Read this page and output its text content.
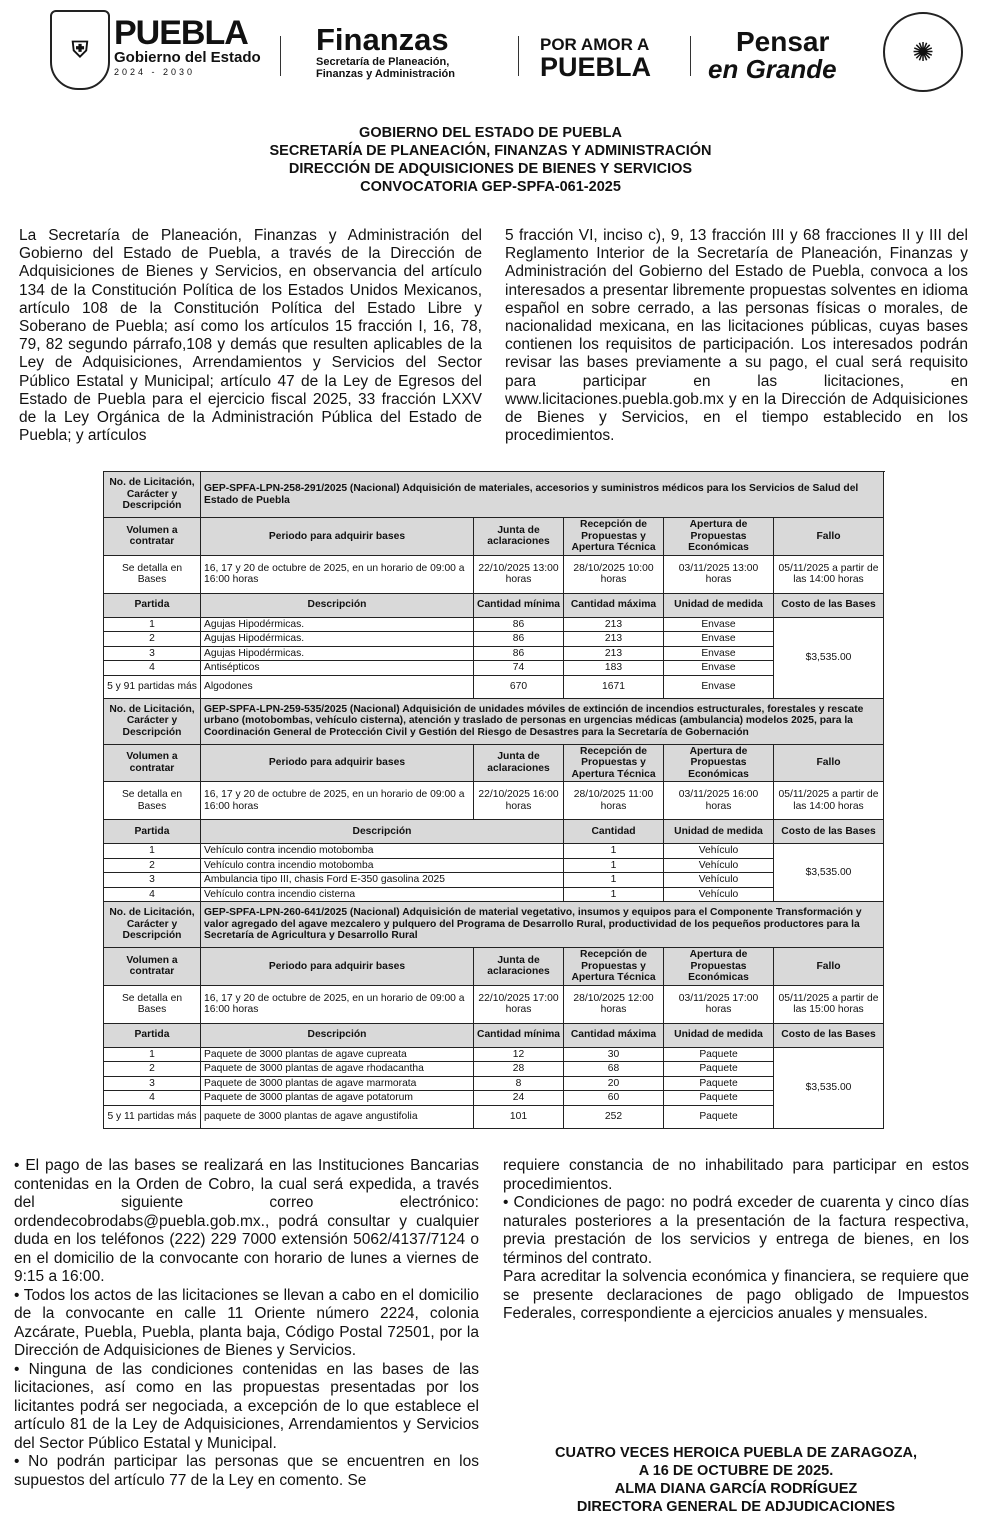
⛨ PUEBLA
Gobierno del Estado
2024 - 2030
Finanzas
Secretaría de Planeación,
Finanzas y Administración
POR AMOR A
PUEBLA
Pensar
en Grande
✺
GOBIERNO DEL ESTADO DE PUEBLA
SECRETARÍA DE PLANEACIÓN, FINANZAS Y ADMINISTRACIÓN
DIRECCIÓN DE ADQUISICIONES DE BIENES Y SERVICIOS
CONVOCATORIA GEP-SPFA-061-2025

La Secretaría de Planeación, Finanzas y Administración del Gobierno del Estado de Puebla, a través de la Dirección de Adquisiciones de Bienes y Servicios, en observancia del artículo 134 de la Constitución Política de los Estados Unidos Mexicanos, artículo 108 de la Constitución Política del Estado Libre y Soberano de Puebla; así como los artículos 15 fracción I, 16, 78, 79, 82 segundo párrafo,108 y demás que resulten aplicables de la Ley de Adquisiciones, Arrendamientos y Servicios del Sector Público Estatal y Municipal; artículo 47 de la Ley de Egresos del Estado de Puebla para el ejercicio fiscal 2025, 33 fracción LXXV de la Ley Orgánica de la Administración Pública del Estado de Puebla; y artículos

5 fracción VI, inciso c), 9, 13 fracción III y 68 fracciones II y III del Reglamento Interior de la Secretaría de Planeación, Finanzas y Administración del Gobierno del Estado de Puebla, convoca a los interesados a presentar libremente propuestas solventes en idioma español en sobre cerrado, a las personas físicas o morales, de nacionalidad mexicana, en las licitaciones públicas, cuyas bases contienen los requisitos de participación. Los interesados podrán revisar las bases previamente a su pago, el cual será requisito para participar en las licitaciones, en www.licitaciones.puebla.gob.mx y en la Dirección de Adquisiciones de Bienes y Servicios, en el tiempo establecido en los procedimientos.

No. de Licitación, Carácter y Descripción	GEP-SPFA-LPN-258-291/2025 (Nacional) Adquisición de materiales, accesorios y suministros médicos para los Servicios de Salud del Estado de Puebla				
Volumen a contratar	Periodo para adquirir bases	Junta de aclaraciones	Recepción de Propuestas y Apertura Técnica	Apertura de Propuestas Económicas	Fallo
Se detalla en Bases	16, 17 y 20 de octubre de 2025, en un horario de 09:00 a 16:00 horas	22/10/2025 13:00 horas	28/10/2025 10:00 horas	03/11/2025 13:00 horas	05/11/2025 a partir de las 14:00 horas
Partida	Descripción	Cantidad mínima	Cantidad máxima	Unidad de medida	Costo de las Bases
1	Agujas Hipodérmicas.	86	213	Envase	$3,535.00
2	Agujas Hipodérmicas.	86	213	Envase	
3	Agujas Hipodérmicas.	86	213	Envase	
4	Antisépticos	74	183	Envase	
5 y 91 partidas más	Algodones	670	1671	Envase	
No. de Licitación, Carácter y Descripción	GEP-SPFA-LPN-259-535/2025 (Nacional) Adquisición de unidades móviles de extinción de incendios estructurales, forestales y rescate urbano (motobombas, vehículo cisterna), atención y traslado de personas en urgencias médicas (ambulancia) modelos 2025, para la Coordinación General de Protección Civil y Gestión del Riesgo de Desastres para la Secretaría de Gobernación				
Volumen a contratar	Periodo para adquirir bases	Junta de aclaraciones	Recepción de Propuestas y Apertura Técnica	Apertura de Propuestas Económicas	Fallo
Se detalla en Bases	16, 17 y 20 de octubre de 2025, en un horario de 09:00 a 16:00 horas	22/10/2025 16:00 horas	28/10/2025 11:00 horas	03/11/2025 16:00 horas	05/11/2025 a partir de las 14:00 horas
Partida	Descripción		Cantidad	Unidad de medida	Costo de las Bases
1	Vehículo contra incendio motobomba		1	Vehículo	$3,535.00
2	Vehículo contra incendio motobomba		1	Vehículo	
3	Ambulancia tipo III, chasis Ford E-350 gasolina 2025		1	Vehículo	
4	Vehículo contra incendio cisterna		1	Vehículo	
No. de Licitación, Carácter y Descripción	GEP-SPFA-LPN-260-641/2025 (Nacional) Adquisición de material vegetativo, insumos y equipos para el Componente Transformación y valor agregado del agave mezcalero y pulquero del Programa de Desarrollo Rural, productividad de los pequeños productores para la Secretaría de Agricultura y Desarrollo Rural				
Volumen a contratar	Periodo para adquirir bases	Junta de aclaraciones	Recepción de Propuestas y Apertura Técnica	Apertura de Propuestas Económicas	Fallo
Se detalla en Bases	16, 17 y 20 de octubre de 2025, en un horario de 09:00 a 16:00 horas	22/10/2025 17:00 horas	28/10/2025 12:00 horas	03/11/2025 17:00 horas	05/11/2025 a partir de las 15:00 horas
Partida	Descripción	Cantidad mínima	Cantidad máxima	Unidad de medida	Costo de las Bases
1	Paquete de 3000 plantas de agave cupreata	12	30	Paquete	$3,535.00
2	Paquete de 3000 plantas de agave rhodacantha	28	68	Paquete	
3	Paquete de 3000 plantas de agave marmorata	8	20	Paquete	
4	Paquete de 3000 plantas de agave potatorum	24	60	Paquete	
5 y 11 partidas más	paquete de 3000 plantas de agave angustifolia	101	252	Paquete	

• El pago de las bases se realizará en las Instituciones Bancarias contenidas en la Orden de Cobro, la cual será expedida, a través del siguiente correo electrónico: ordendecobrodabs@puebla.gob.mx., podrá consultar y cualquier duda en los teléfonos (222) 229 7000 extensión 5062/4137/7124 o en el domicilio de la convocante con horario de lunes a viernes de 9:15 a 16:00.

• Todos los actos de las licitaciones se llevan a cabo en el domicilio de la convocante en calle 11 Oriente número 2224, colonia Azcárate, Puebla, Puebla, planta baja, Código Postal 72501, por la Dirección de Adquisiciones de Bienes y Servicios.

• Ninguna de las condiciones contenidas en las bases de las licitaciones, así como en las propuestas presentadas por los licitantes podrá ser negociada, a excepción de lo que establece el artículo 81 de la Ley de Adquisiciones, Arrendamientos y Servicios del Sector Público Estatal y Municipal.

• No podrán participar las personas que se encuentren en los supuestos del artículo 77 de la Ley en comento. Se

requiere constancia de no inhabilitado para participar en estos procedimientos.

• Condiciones de pago: no podrá exceder de cuarenta y cinco días naturales posteriores a la presentación de la factura respectiva, previa prestación de los servicios y entrega de bienes, en los términos del contrato.

Para acreditar la solvencia económica y financiera, se requiere que se presente declaraciones de pago obligado de Impuestos Federales, correspondiente a ejercicios anuales y mensuales.

CUATRO VECES HEROICA PUEBLA DE ZARAGOZA,
A 16 DE OCTUBRE DE 2025.
ALMA DIANA GARCÍA RODRÍGUEZ
DIRECTORA GENERAL DE ADJUDICACIONES
